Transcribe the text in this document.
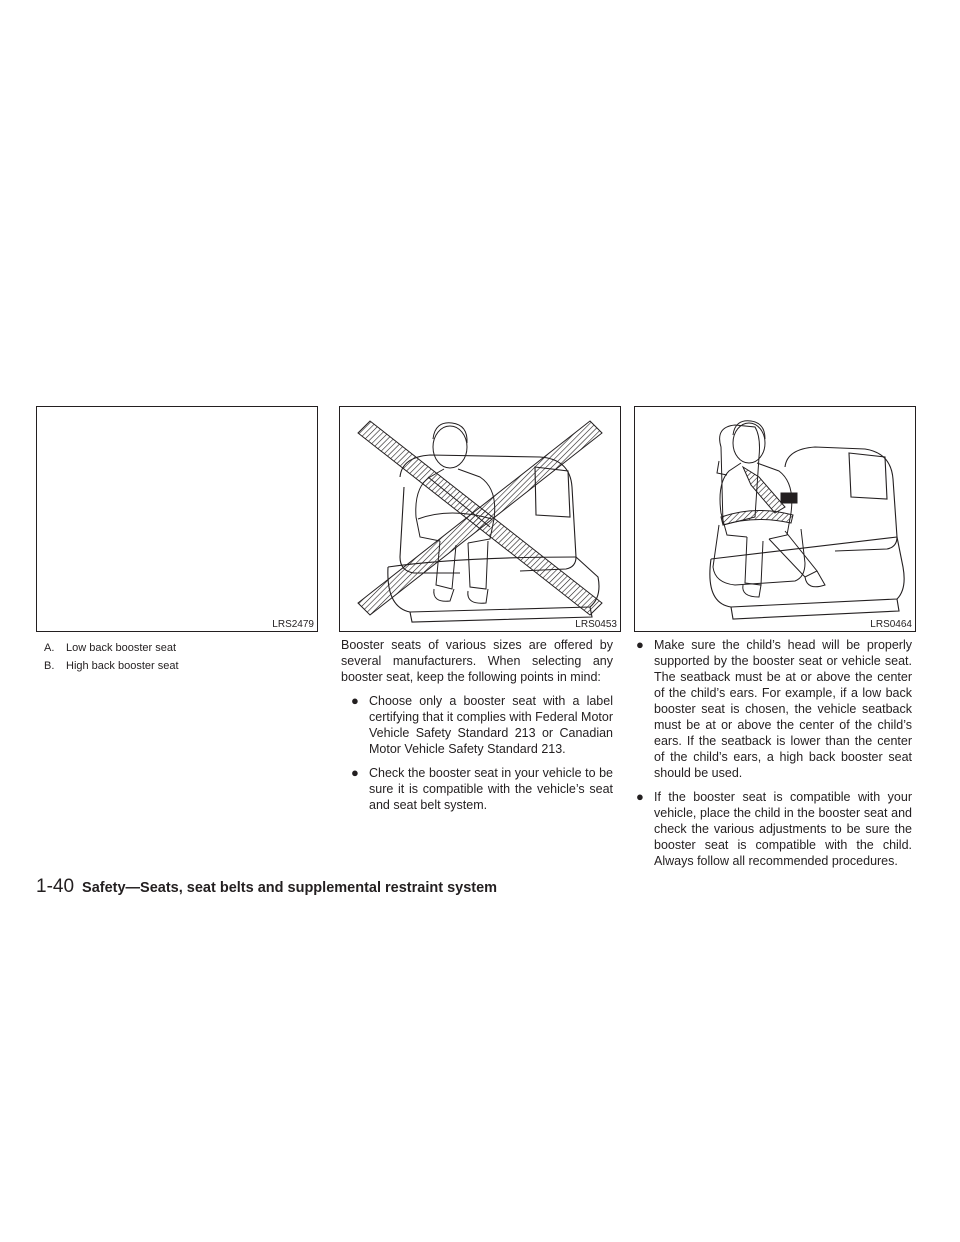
LRS2479	LRS0453	LRS0464
A.	Low back booster seat
B.	High back booster seat

Booster seats of various sizes are offered by several manufacturers. When selecting any booster seat, keep the following points in mind:

● Choose only a booster seat with a label certifying that it complies with Federal Motor Vehicle Safety Standard 213 or Canadian Motor Vehicle Safety Standard 213.
● Check the booster seat in your vehicle to be sure it is compatible with the vehicle’s seat and seat belt system.
● Make sure the child’s head will be properly supported by the booster seat or vehicle seat. The seatback must be at or above the center of the child’s ears. For example, if a low back booster seat is chosen, the vehicle seatback must be at or above the center of the child’s ears. If the seatback is lower than the center of the child’s ears, a high back booster seat should be used.
● If the booster seat is compatible with your vehicle, place the child in the booster seat and check the various adjustments to be sure the booster seat is compatible with the child. Always follow all recommended procedures.
1-40 Safety—Seats, seat belts and supplemental restraint system
